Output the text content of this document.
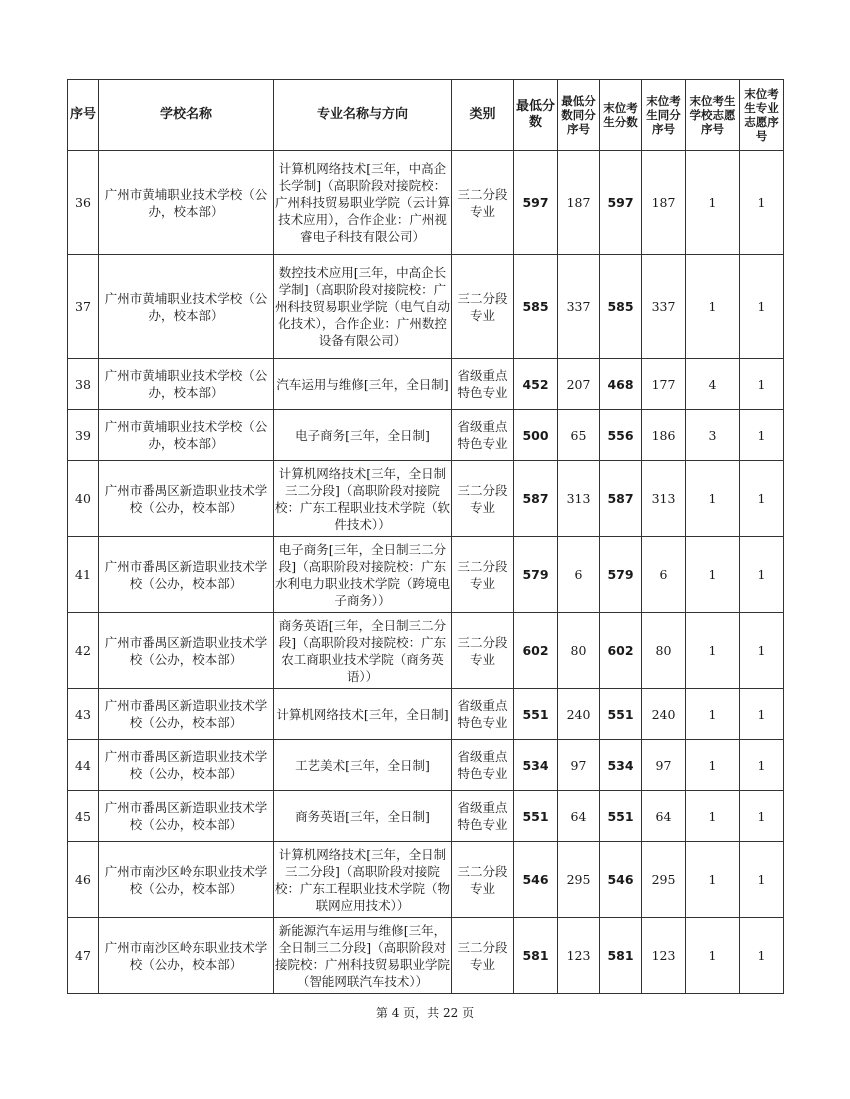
序号	学校名称	专业名称与方向	类别	最低分数	最低分数同分序号	末位考生分数	末位考生同分序号	末位考生学校志愿序号	末位考生专业志愿序号
36	广州市黄埔职业技术学校（公办，校本部）	计算机网络技术[三年，中高企长学制]（高职阶段对接院校：广州科技贸易职业学院（云计算技术应用），合作企业：广州视睿电子科技有限公司）	三二分段专业	597	187	597	187	1	1
37	广州市黄埔职业技术学校（公办，校本部）	数控技术应用[三年，中高企长学制]（高职阶段对接院校：广州科技贸易职业学院（电气自动化技术），合作企业：广州数控设备有限公司）	三二分段专业	585	337	585	337	1	1
38	广州市黄埔职业技术学校（公办，校本部）	汽车运用与维修[三年，全日制]	省级重点特色专业	452	207	468	177	4	1
39	广州市黄埔职业技术学校（公办，校本部）	电子商务[三年，全日制]	省级重点特色专业	500	65	556	186	3	1
40	广州市番禺区新造职业技术学校（公办，校本部）	计算机网络技术[三年，全日制三二分段]（高职阶段对接院校：广东工程职业技术学院（软件技术））	三二分段专业	587	313	587	313	1	1
41	广州市番禺区新造职业技术学校（公办，校本部）	电子商务[三年，全日制三二分段]（高职阶段对接院校：广东水利电力职业技术学院（跨境电子商务））	三二分段专业	579	6	579	6	1	1
42	广州市番禺区新造职业技术学校（公办，校本部）	商务英语[三年，全日制三二分段]（高职阶段对接院校：广东农工商职业技术学院（商务英语））	三二分段专业	602	80	602	80	1	1
43	广州市番禺区新造职业技术学校（公办，校本部）	计算机网络技术[三年，全日制]	省级重点特色专业	551	240	551	240	1	1
44	广州市番禺区新造职业技术学校（公办，校本部）	工艺美术[三年，全日制]	省级重点特色专业	534	97	534	97	1	1
45	广州市番禺区新造职业技术学校（公办，校本部）	商务英语[三年，全日制]	省级重点特色专业	551	64	551	64	1	1
46	广州市南沙区岭东职业技术学校（公办，校本部）	计算机网络技术[三年，全日制三二分段]（高职阶段对接院校：广东工程职业技术学院（物联网应用技术））	三二分段专业	546	295	546	295	1	1
47	广州市南沙区岭东职业技术学校（公办，校本部）	新能源汽车运用与维修[三年，全日制三二分段]（高职阶段对接院校：广州科技贸易职业学院（智能网联汽车技术））	三二分段专业	581	123	581	123	1	1
第 4 页，共 22 页
